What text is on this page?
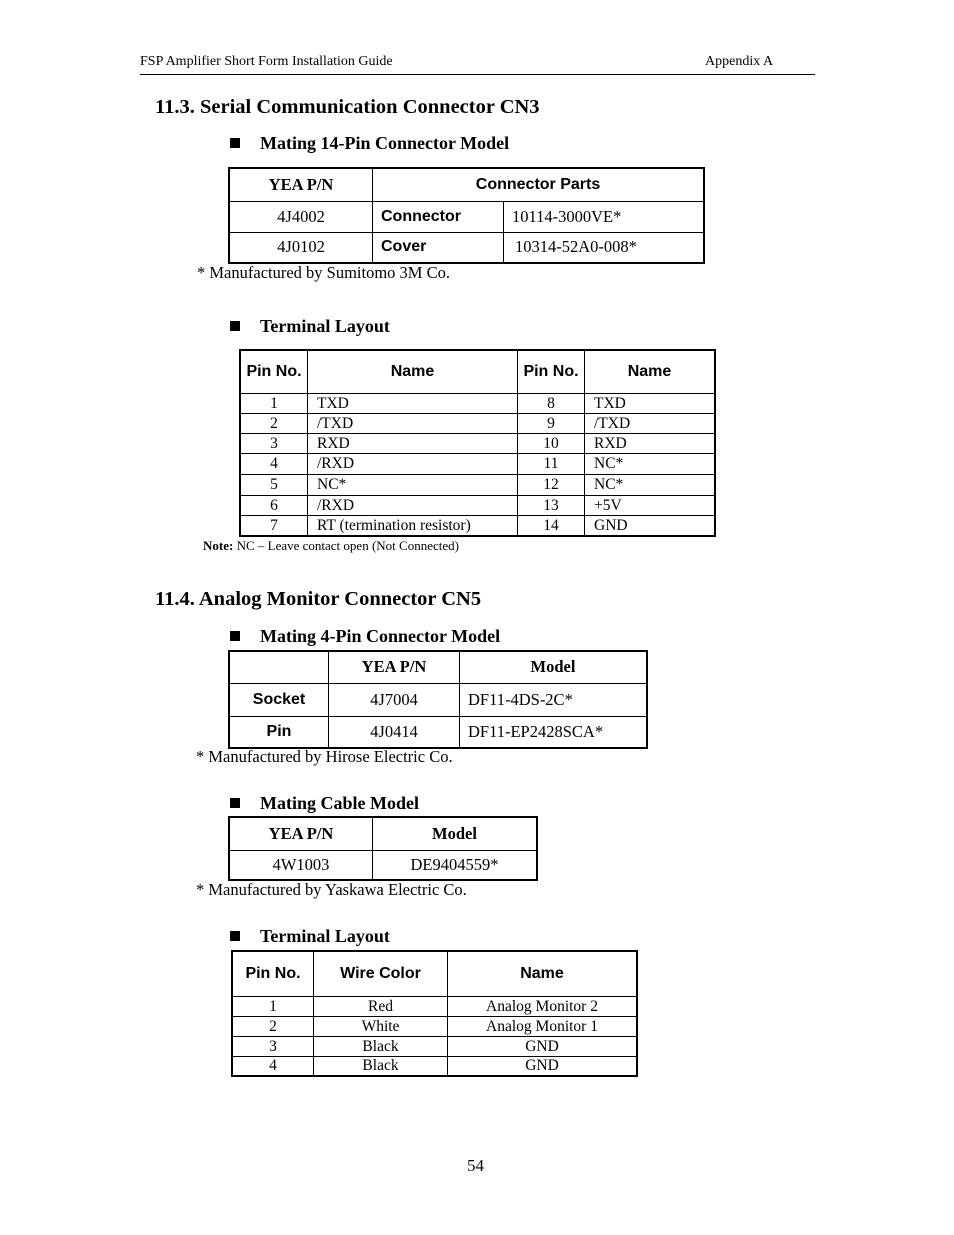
FSP Amplifier Short Form Installation Guide	Appendix A
11.3. Serial Communication Connector CN3
Mating 14-Pin Connector Model
YEA P/N	Connector Parts	
4J4002	Connector	10114-3000VE*
4J0102	Cover	10314-52A0-008*
* Manufactured by Sumitomo 3M Co.
Terminal Layout
Pin No.	Name	Pin No.	Name
1	TXD	8	TXD
2	/TXD	9	/TXD
3	RXD	10	RXD
4	/RXD	11	NC*
5	NC*	12	NC*
6	/RXD	13	+5V
7	RT (termination resistor)	14	GND
Note: NC – Leave contact open (Not Connected)
11.4. Analog Monitor Connector CN5
Mating 4-Pin Connector Model
	YEA P/N	Model
Socket	4J7004	DF11-4DS-2C*
Pin	4J0414	DF11-EP2428SCA*
* Manufactured by Hirose Electric Co.
Mating Cable Model
YEA P/N	Model
4W1003	DE9404559*
* Manufactured by Yaskawa Electric Co.
Terminal Layout
Pin No.	Wire Color	Name
1	Red	Analog Monitor 2
2	White	Analog Monitor 1
3	Black	GND
4	Black	GND
54
